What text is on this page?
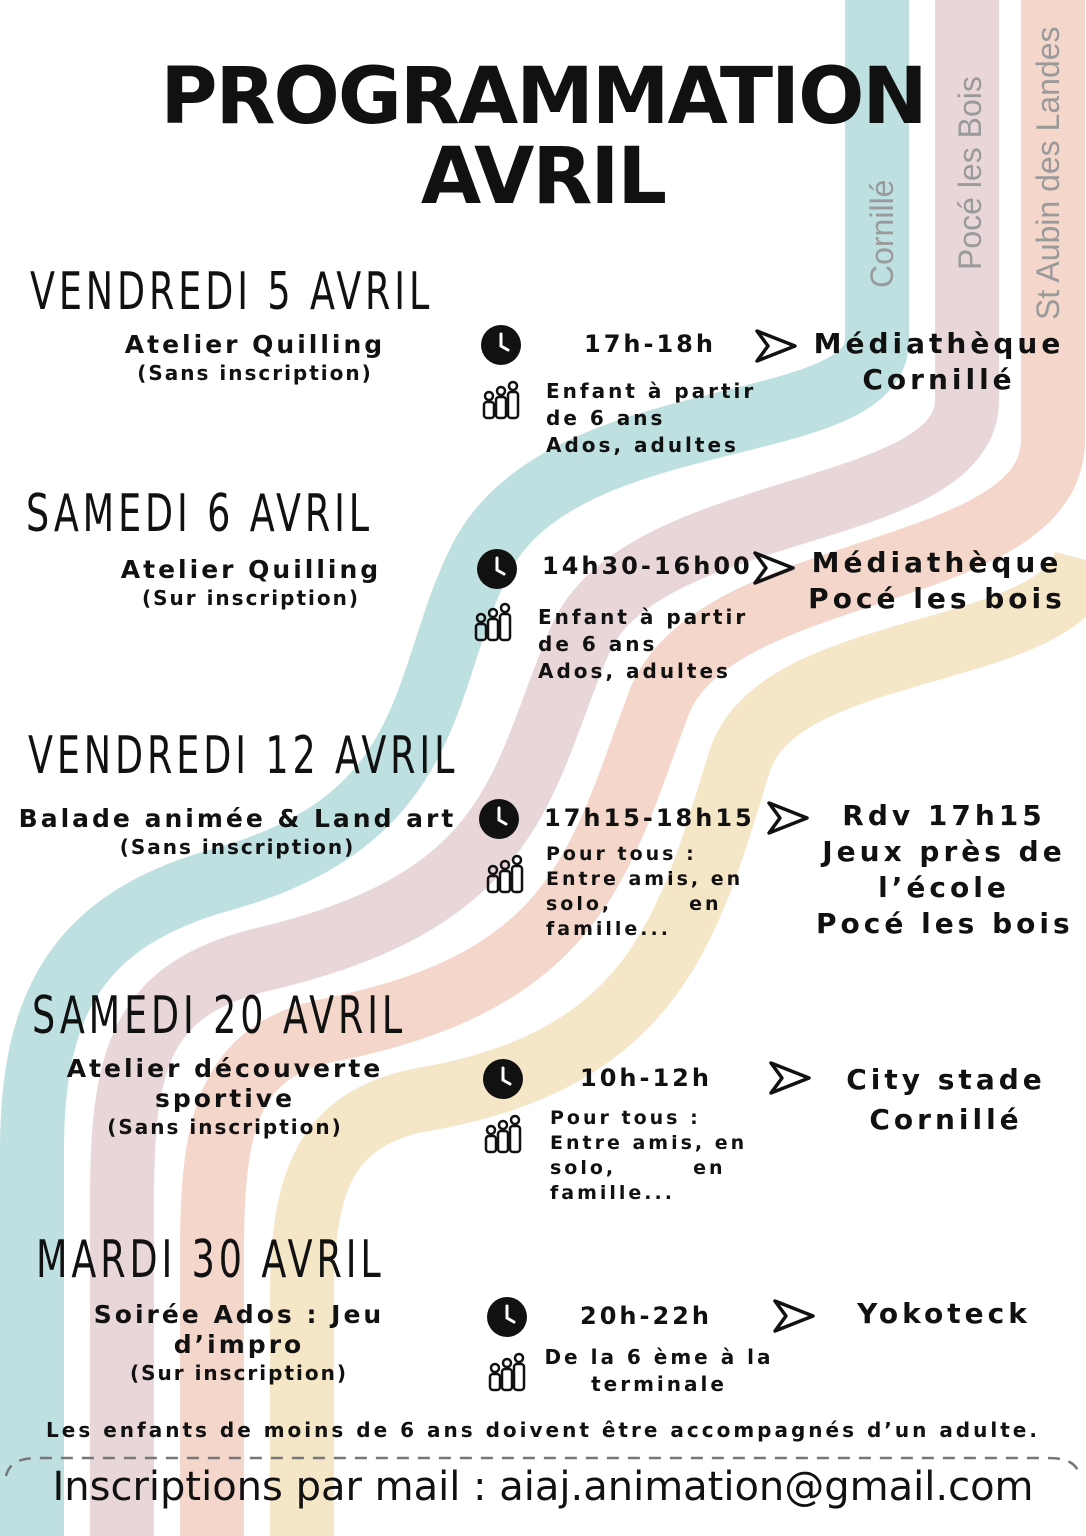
PROGRAMMATION
AVRIL
Cornillé Pocé les Bois St Aubin des Landes
VENDREDI 5 AVRIL
Atelier Quilling
(Sans inscription)
17h-18h
Enfant à partir
de 6 ans
Ados, adultes
Médiathèque
Cornillé
SAMEDI 6 AVRIL
Atelier Quilling
(Sur inscription)
14h30-16h00
Enfant à partir
de 6 ans
Ados, adultes
Médiathèque
Pocé les bois
VENDREDI 12 AVRIL
Balade animée & Land art
(Sans inscription)
17h15-18h15
Pour tous :
Entre amis, en
solo,        en
famille...
Rdv 17h15
Jeux près de
l’école
Pocé les bois
SAMEDI 20 AVRIL
Atelier découverte sportive
(Sans inscription)
10h-12h
Pour tous :
Entre amis, en
solo,        en
famille...
City stade
Cornillé
MARDI 30 AVRIL
Soirée Ados : Jeu d’impro
(Sur inscription)
20h-22h
De la 6 ème à la
terminale
Yokoteck
Les enfants de moins de 6 ans doivent être accompagnés d’un adulte.
Inscriptions par mail : aiaj.animation@gmail.com
